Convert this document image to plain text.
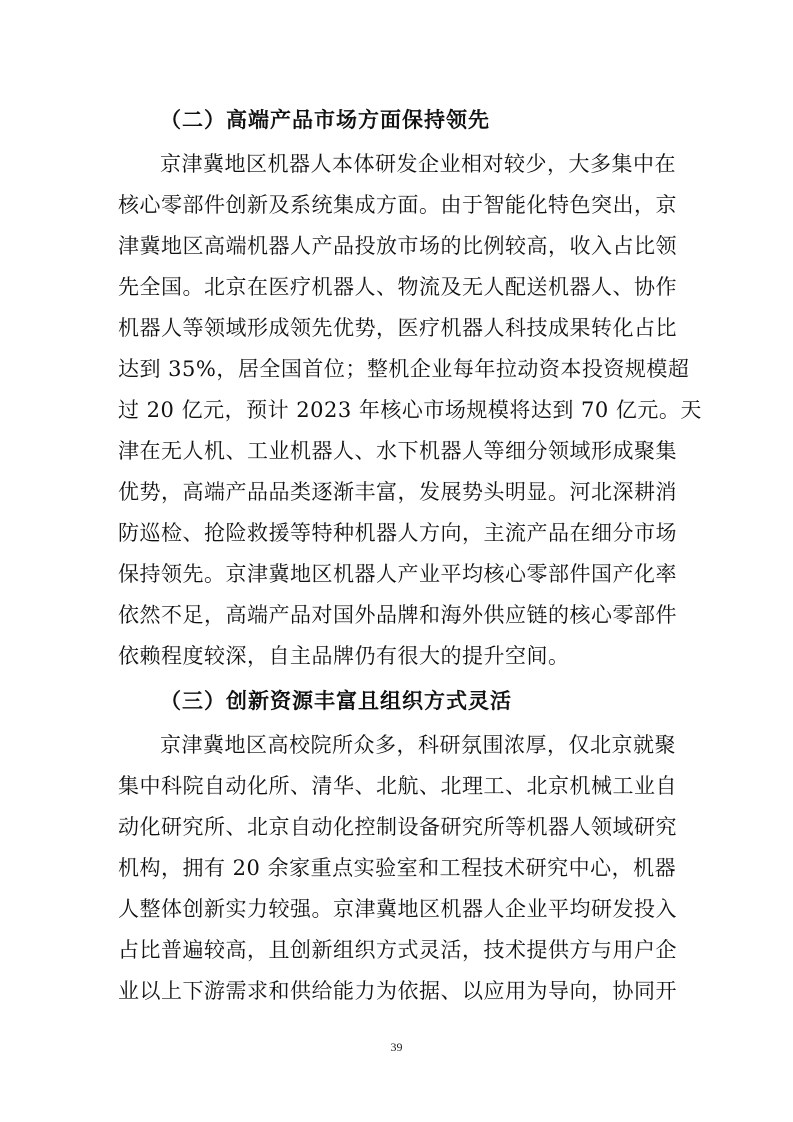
（二）高端产品市场方面保持领先

京津冀地区机器人本体研发企业相对较少，大多集中在

核心零部件创新及系统集成方面。由于智能化特色突出，京

津冀地区高端机器人产品投放市场的比例较高，收入占比领

先全国。北京在医疗机器人、物流及无人配送机器人、协作

机器人等领域形成领先优势，医疗机器人科技成果转化占比

达到 35%，居全国首位；整机企业每年拉动资本投资规模超

过 20 亿元，预计 2023 年核心市场规模将达到 70 亿元。天

津在无人机、工业机器人、水下机器人等细分领域形成聚集

优势，高端产品品类逐渐丰富，发展势头明显。河北深耕消

防巡检、抢险救援等特种机器人方向，主流产品在细分市场

保持领先。京津冀地区机器人产业平均核心零部件国产化率

依然不足，高端产品对国外品牌和海外供应链的核心零部件

依赖程度较深，自主品牌仍有很大的提升空间。

（三）创新资源丰富且组织方式灵活

京津冀地区高校院所众多，科研氛围浓厚，仅北京就聚

集中科院自动化所、清华、北航、北理工、北京机械工业自

动化研究所、北京自动化控制设备研究所等机器人领域研究

机构，拥有 20 余家重点实验室和工程技术研究中心，机器

人整体创新实力较强。京津冀地区机器人企业平均研发投入

占比普遍较高，且创新组织方式灵活，技术提供方与用户企

业以上下游需求和供给能力为依据、以应用为导向，协同开

39
